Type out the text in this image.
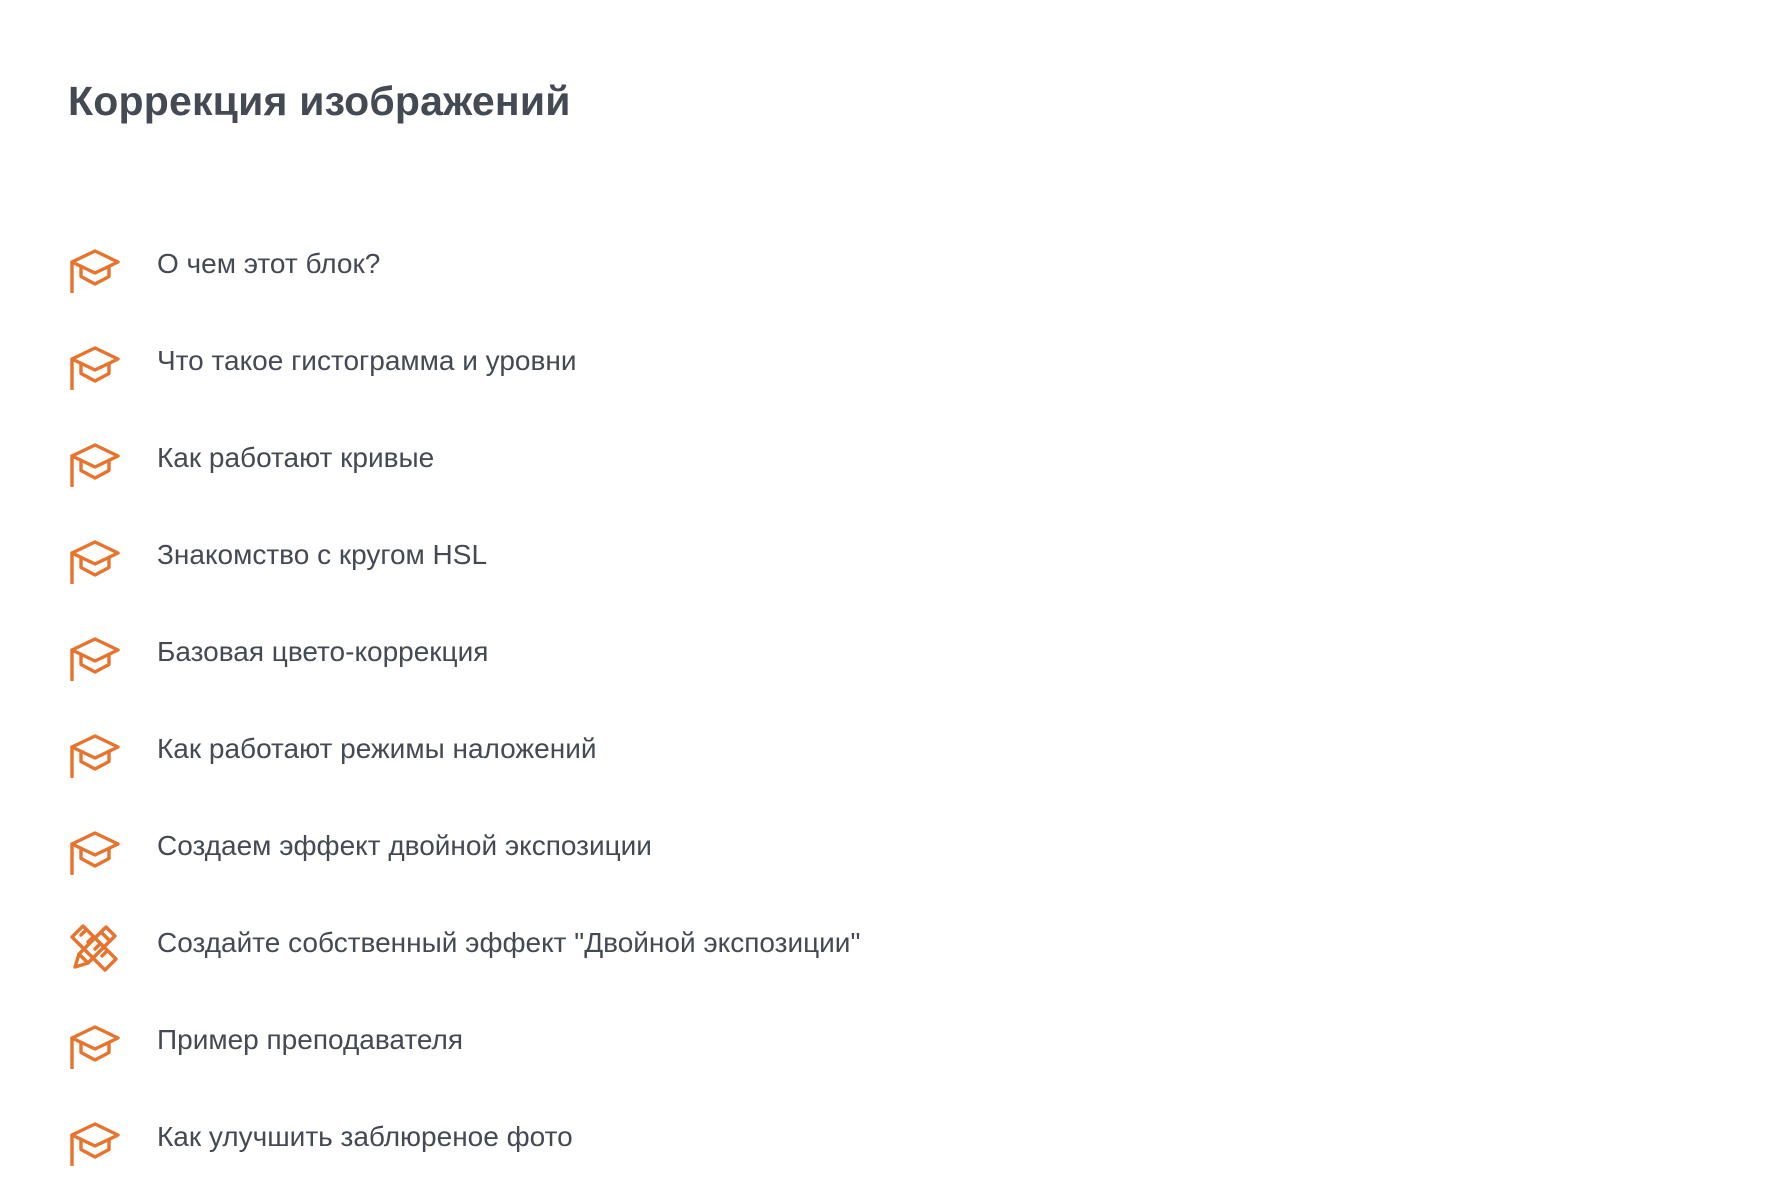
Коррекция изображений
О чем этот блок?
Что такое гистограмма и уровни
Как работают кривые
Знакомство с кругом HSL
Базовая цвето-коррекция
Как работают режимы наложений
Создаем эффект двойной экспозиции
Создайте собственный эффект "Двойной экспозиции"
Пример преподавателя
Как улучшить заблюреное фото
